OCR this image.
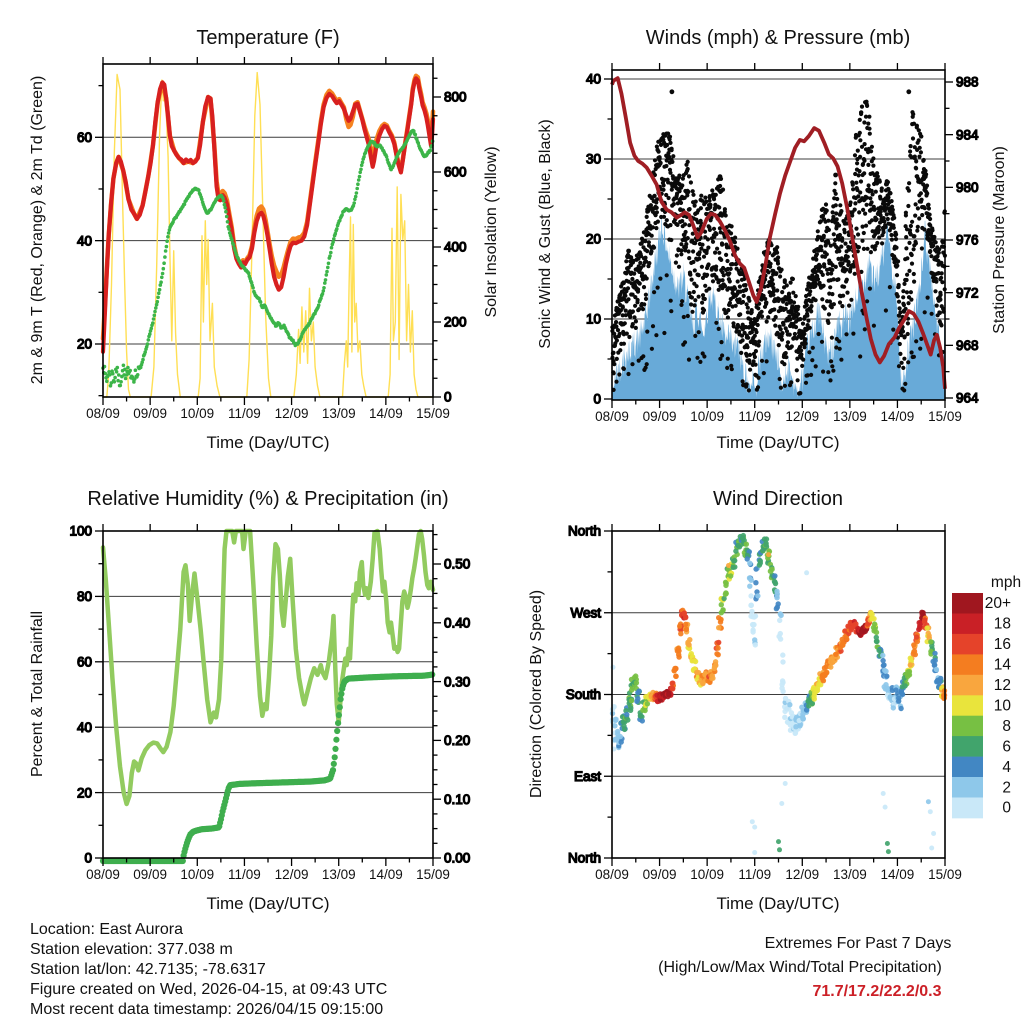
20
40
60
0
200
400
600
800
08/09 09/09 10/09 11/09 12/09 13/09 14/09 15/09
0
10
20
30
40
964
968
972
976
980
984
988
08/09 09/09 10/09 11/09 12/09 13/09 14/09 15/09
0
20
40
60
80
100
0.00
0.10
0.20
0.30
0.40
0.50
08/09 09/09 10/09 11/09 12/09 13/09 14/09 15/09
North
West
South
East
North
08/09 09/09 10/09 11/09 12/09 13/09 14/09 15/09
mph
20+
18
16
14
12
10
8
6
4
2
0
Temperature (F)	Winds (mph) & Pressure (mb)
Relative Humidity (%) & Precipitation (in)	Wind Direction
Time (Day/UTC)	Time (Day/UTC)
Time (Day/UTC)	Time (Day/UTC)
2m & 9m T (Red, Orange) & 2m Td (Green)	Solar Insolation (Yellow) Sonic Wind & Gust (Blue, Black)	Station Pressure (Maroon)
Percent & Total Rainfall	Direction (Colored By Speed)
Location: East Aurora
Station elevation: 377.038 m
Station lat/lon: 42.7135; -78.6317
Figure created on Wed, 2026-04-15, at 09:43 UTC
Most recent data timestamp: 2026/04/15 09:15:00
Extremes For Past 7 Days
(High/Low/Max Wind/Total Precipitation)
71.7/17.2/22.2/0.3
